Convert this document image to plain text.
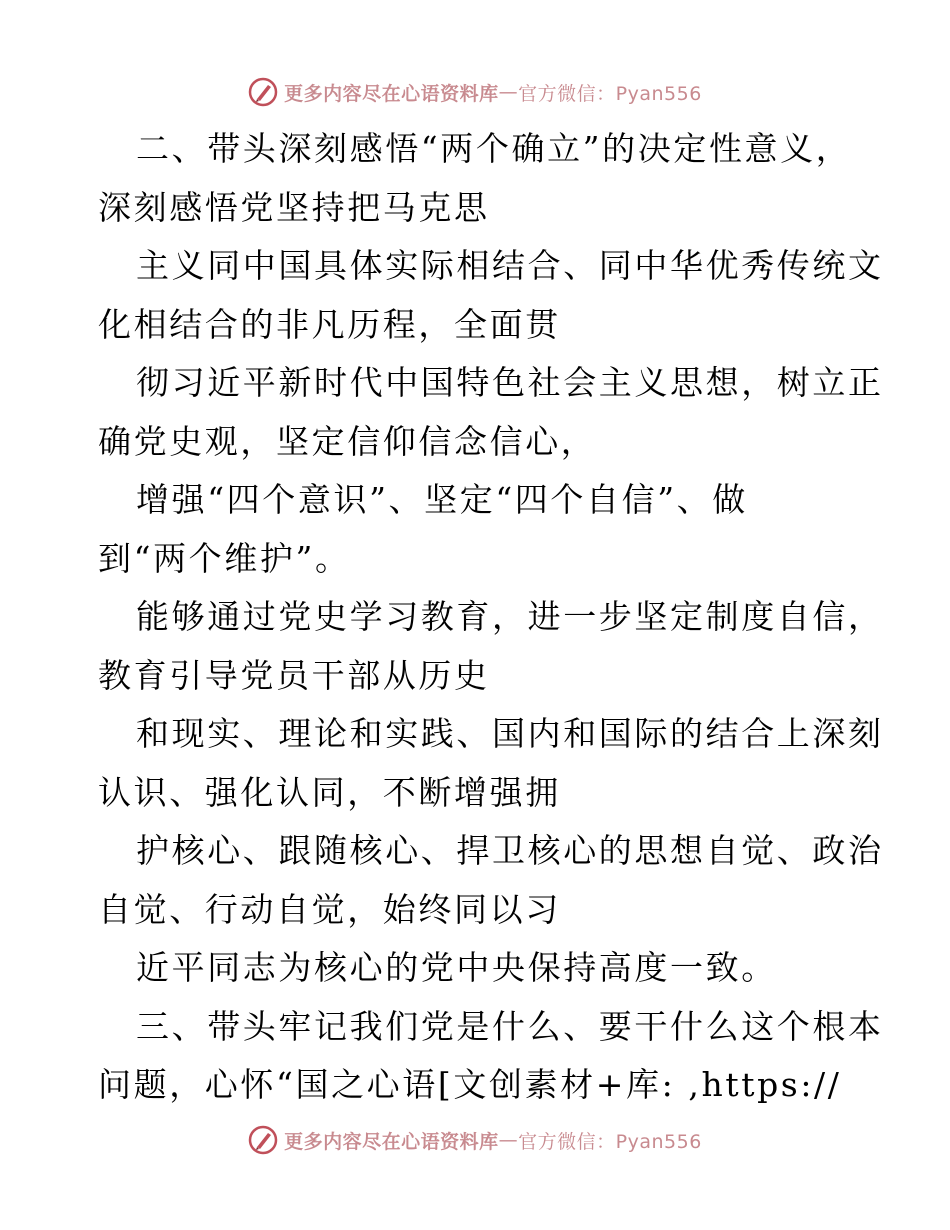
更多内容尽在心语资料库 — 官方微信：Pyan556

二、带头深刻感悟“两个确立”的决定性意义，
深刻感悟党坚持把马克思

主义同中国具体实际相结合、同中华优秀传统文
化相结合的非凡历程，全面贯

彻习近平新时代中国特色社会主义思想，树立正
确党史观，坚定信仰信念信心，

增强“四个意识”、坚定“四个自信”、做
到“两个维护”。

能够通过党史学习教育，进一步坚定制度自信，
教育引导党员干部从历史

和现实、理论和实践、国内和国际的结合上深刻
认识、强化认同，不断增强拥

护核心、跟随核心、捍卫核心的思想自觉、政治
自觉、行动自觉，始终同以习

近平同志为核心的党中央保持高度一致。

三、带头牢记我们党是什么、要干什么这个根本
问题，心怀“国之心语[文创素材+库: ,https://

更多内容尽在心语资料库 — 官方微信：Pyan556
